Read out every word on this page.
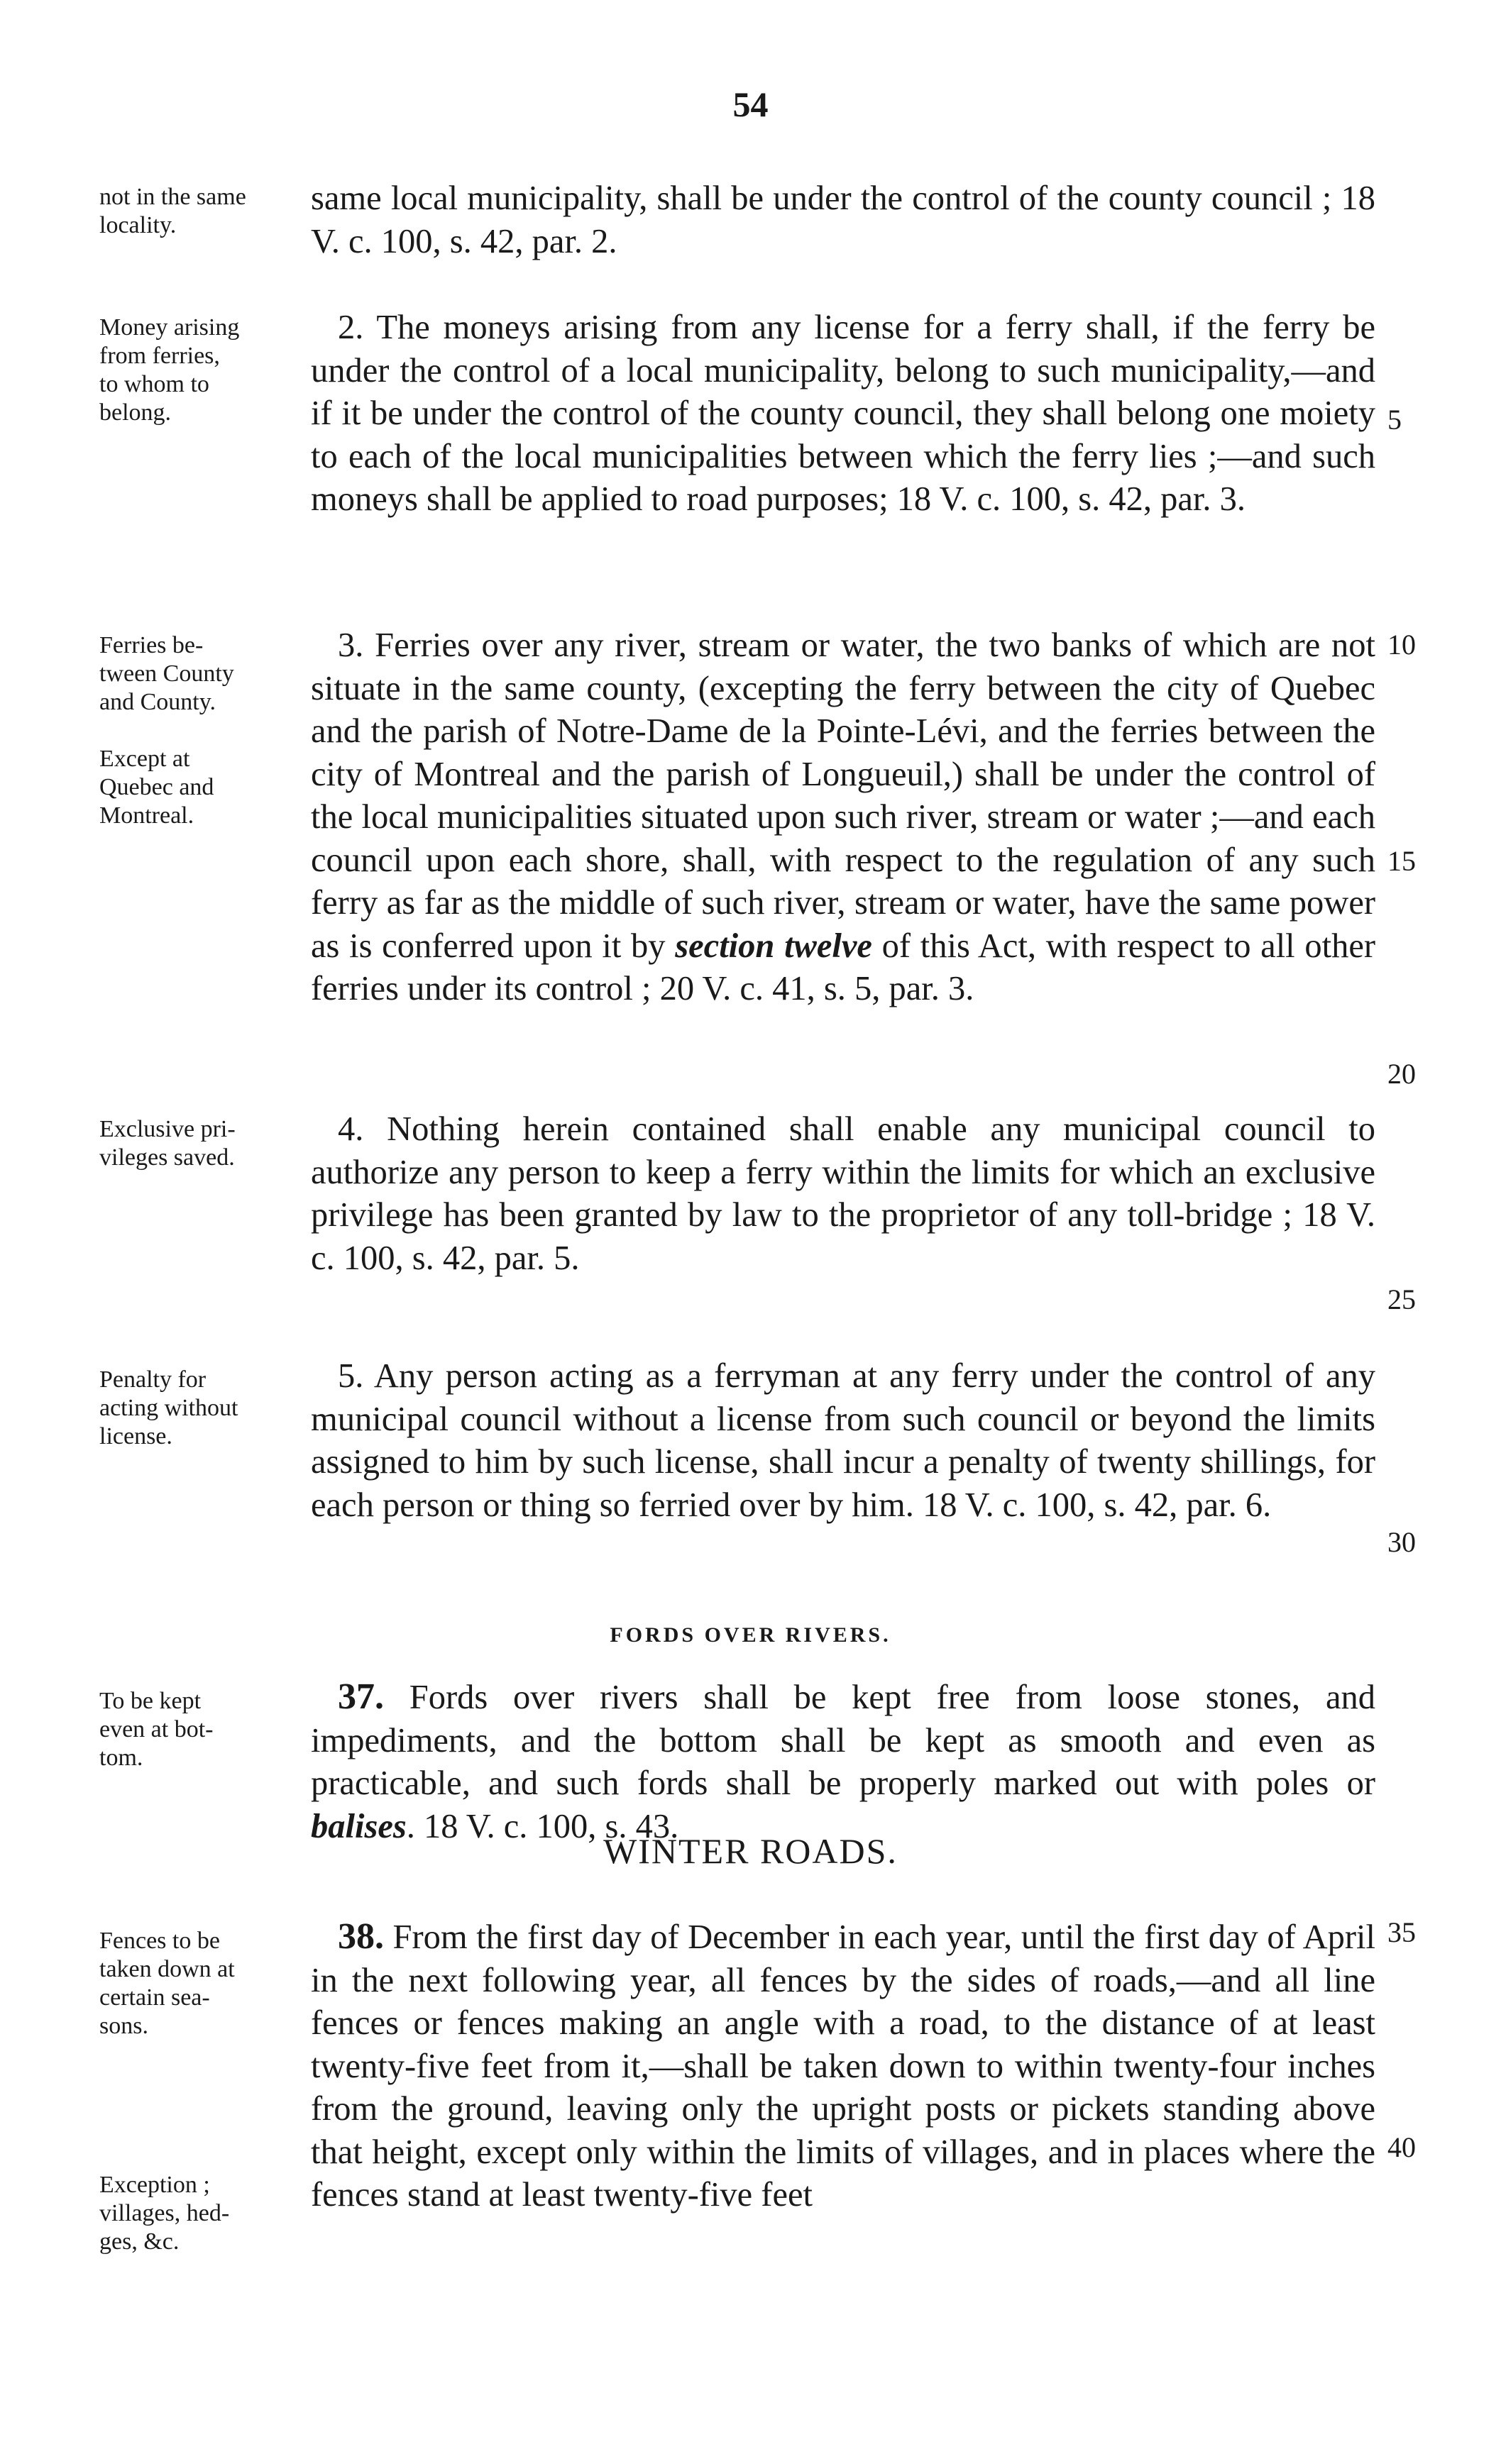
54
not in the same
locality.

same local municipality, shall be under the control of the county council ; 18 V. c. 100, s. 42, par. 2.

Money arising
from ferries,
to whom to
belong.

2. The moneys arising from any license for a ferry shall, if the ferry be under the control of a local municipality, belong to such municipality,—and if it be under the control of the county council, they shall belong one moiety to each of the local municipalities between which the ferry lies ;—and such moneys shall be applied to road purposes; 18 V. c. 100, s. 42, par. 3.

Ferries be-
tween County
and County.
Except at
Quebec and
Montreal.

3. Ferries over any river, stream or water, the two banks of which are not situate in the same county, (excepting the ferry between the city of Quebec and the parish of Notre-Dame de la Pointe-Lévi, and the ferries between the city of Montreal and the parish of Longueuil,) shall be under the control of the local municipalities situated upon such river, stream or water ;—and each council upon each shore, shall, with respect to the regulation of any such ferry as far as the middle of such river, stream or water, have the same power as is conferred upon it by section twelve of this Act, with respect to all other ferries under its control ; 20 V. c. 41, s. 5, par. 3.

Exclusive pri-
vileges saved.

4. Nothing herein contained shall enable any municipal council to authorize any person to keep a ferry within the limits for which an exclusive privilege has been granted by law to the proprietor of any toll-bridge ; 18 V. c. 100, s. 42, par. 5.

Penalty for
acting without
license.

5. Any person acting as a ferryman at any ferry under the control of any municipal council without a license from such council or beyond the limits assigned to him by such license, shall incur a penalty of twenty shillings, for each person or thing so ferried over by him. 18 V. c. 100, s. 42, par. 6.

FORDS OVER RIVERS.
To be kept
even at bot-
tom.

37. Fords over rivers shall be kept free from loose stones, and impediments, and the bottom shall be kept as smooth and even as practicable, and such fords shall be properly marked out with poles or balises. 18 V. c. 100, s. 43.

WINTER ROADS.
Fences to be
taken down at
certain sea-
sons.
Exception ;
villages, hed-
ges, &c.

38. From the first day of December in each year, until the first day of April in the next following year, all fences by the sides of roads,—and all line fences or fences making an angle with a road, to the distance of at least twenty-five feet from it,—shall be taken down to within twenty-four inches from the ground, leaving only the upright posts or pickets standing above that height, except only within the limits of villages, and in places where the fences stand at least twenty-five feet

5
10
15
20
25
30
35
40
